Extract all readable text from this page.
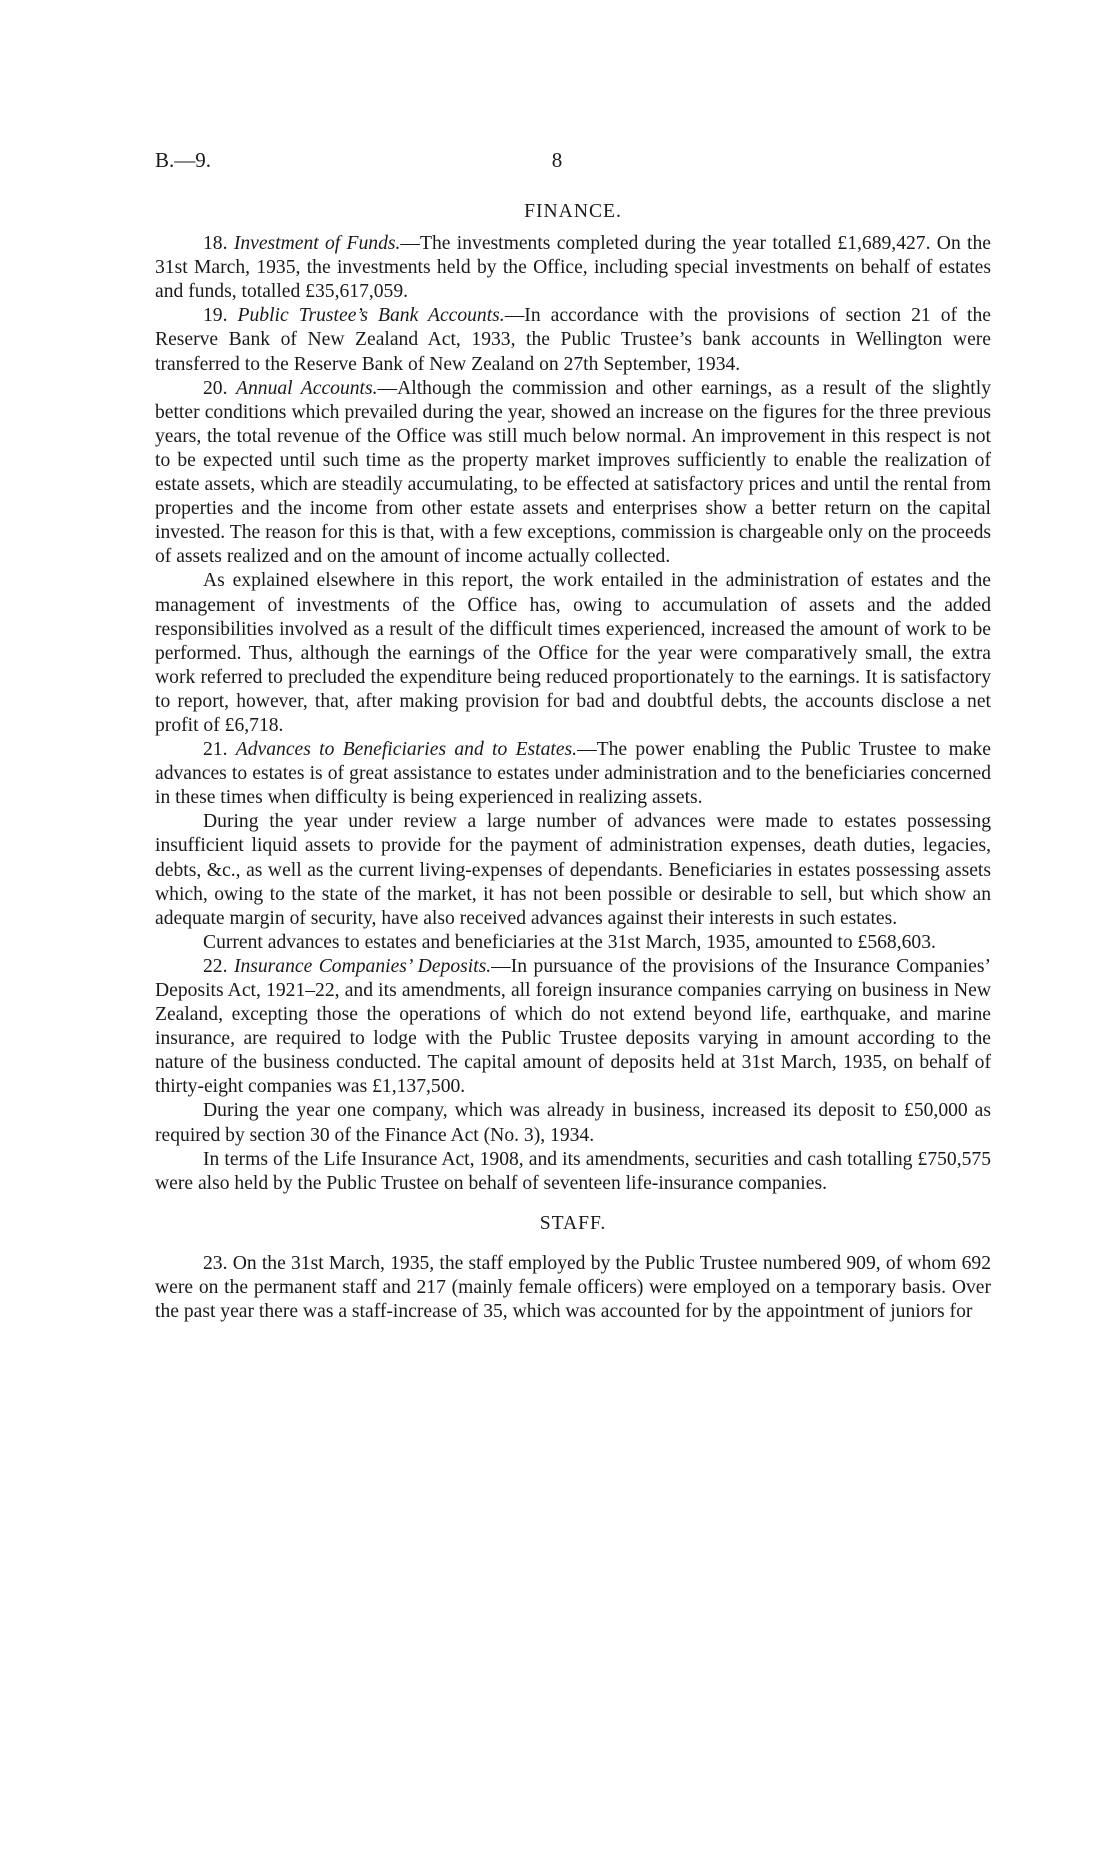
B.—9.	8
FINANCE.

18. Investment of Funds.—The investments completed during the year totalled £1,689,427. On the 31st March, 1935, the investments held by the Office, including special investments on behalf of estates and funds, totalled £35,617,059.

19. Public Trustee’s Bank Accounts.—In accordance with the provisions of section 21 of the Reserve Bank of New Zealand Act, 1933, the Public Trustee’s bank accounts in Wellington were transferred to the Reserve Bank of New Zealand on 27th September, 1934.

20. Annual Accounts.—Although the commission and other earnings, as a result of the slightly better conditions which prevailed during the year, showed an increase on the figures for the three previous years, the total revenue of the Office was still much below normal. An improvement in this respect is not to be expected until such time as the property market improves sufficiently to enable the realization of estate assets, which are steadily accumulating, to be effected at satisfactory prices and until the rental from properties and the income from other estate assets and enterprises show a better return on the capital invested. The reason for this is that, with a few exceptions, commission is chargeable only on the proceeds of assets realized and on the amount of income actually collected.

As explained elsewhere in this report, the work entailed in the administration of estates and the management of investments of the Office has, owing to accumulation of assets and the added responsibilities involved as a result of the difficult times experienced, increased the amount of work to be performed. Thus, although the earnings of the Office for the year were comparatively small, the extra work referred to precluded the expenditure being reduced proportionately to the earnings. It is satisfactory to report, however, that, after making provision for bad and doubtful debts, the accounts disclose a net profit of £6,718.

21. Advances to Beneficiaries and to Estates.—The power enabling the Public Trustee to make advances to estates is of great assistance to estates under administration and to the beneficiaries concerned in these times when difficulty is being experienced in realizing assets.

During the year under review a large number of advances were made to estates possessing insufficient liquid assets to provide for the payment of administration expenses, death duties, legacies, debts, &c., as well as the current living-expenses of dependants. Beneficiaries in estates possessing assets which, owing to the state of the market, it has not been possible or desirable to sell, but which show an adequate margin of security, have also received advances against their interests in such estates.

Current advances to estates and beneficiaries at the 31st March, 1935, amounted to £568,603.

22. Insurance Companies’ Deposits.—In pursuance of the provisions of the Insurance Companies’ Deposits Act, 1921–22, and its amendments, all foreign insurance companies carrying on business in New Zealand, excepting those the operations of which do not extend beyond life, earthquake, and marine insurance, are required to lodge with the Public Trustee deposits varying in amount according to the nature of the business conducted. The capital amount of deposits held at 31st March, 1935, on behalf of thirty-eight companies was £1,137,500.

During the year one company, which was already in business, increased its deposit to £50,000 as required by section 30 of the Finance Act (No. 3), 1934.

In terms of the Life Insurance Act, 1908, and its amendments, securities and cash totalling £750,575 were also held by the Public Trustee on behalf of seventeen life-insurance companies.

STAFF.

23. On the 31st March, 1935, the staff employed by the Public Trustee numbered 909, of whom 692 were on the permanent staff and 217 (mainly female officers) were employed on a temporary basis. Over the past year there was a staff-increase of 35, which was accounted for by the appointment of juniors for
